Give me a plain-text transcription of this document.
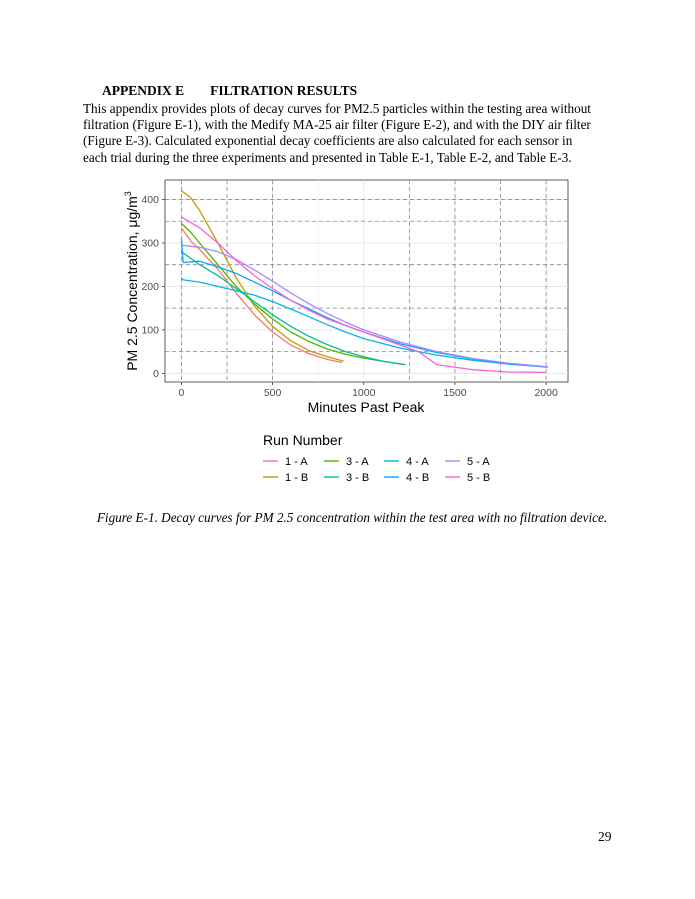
APPENDIX E FILTRATION RESULTS
This appendix provides plots of decay curves for PM2.5 particles within the testing area without
filtration (Figure E-1), with the Medify MA-25 air filter (Figure E-2), and with the DIY air filter
(Figure E-3). Calculated exponential decay coefficients are also calculated for each sensor in
each trial during the three experiments and presented in Table E-1, Table E-2, and Table E-3.
0
100
200
300
400
0	500	1000	1500	2000
Minutes Past Peak
PM 2.5 Concentration, $\mu g/m^3$
Run Number
1 - A
1 - B
3 - A
3 - B
4 - A
4 - B
5 - A
5 - B
Figure E-1. Decay curves for PM 2.5 concentration within the test area with no filtration device.
29
